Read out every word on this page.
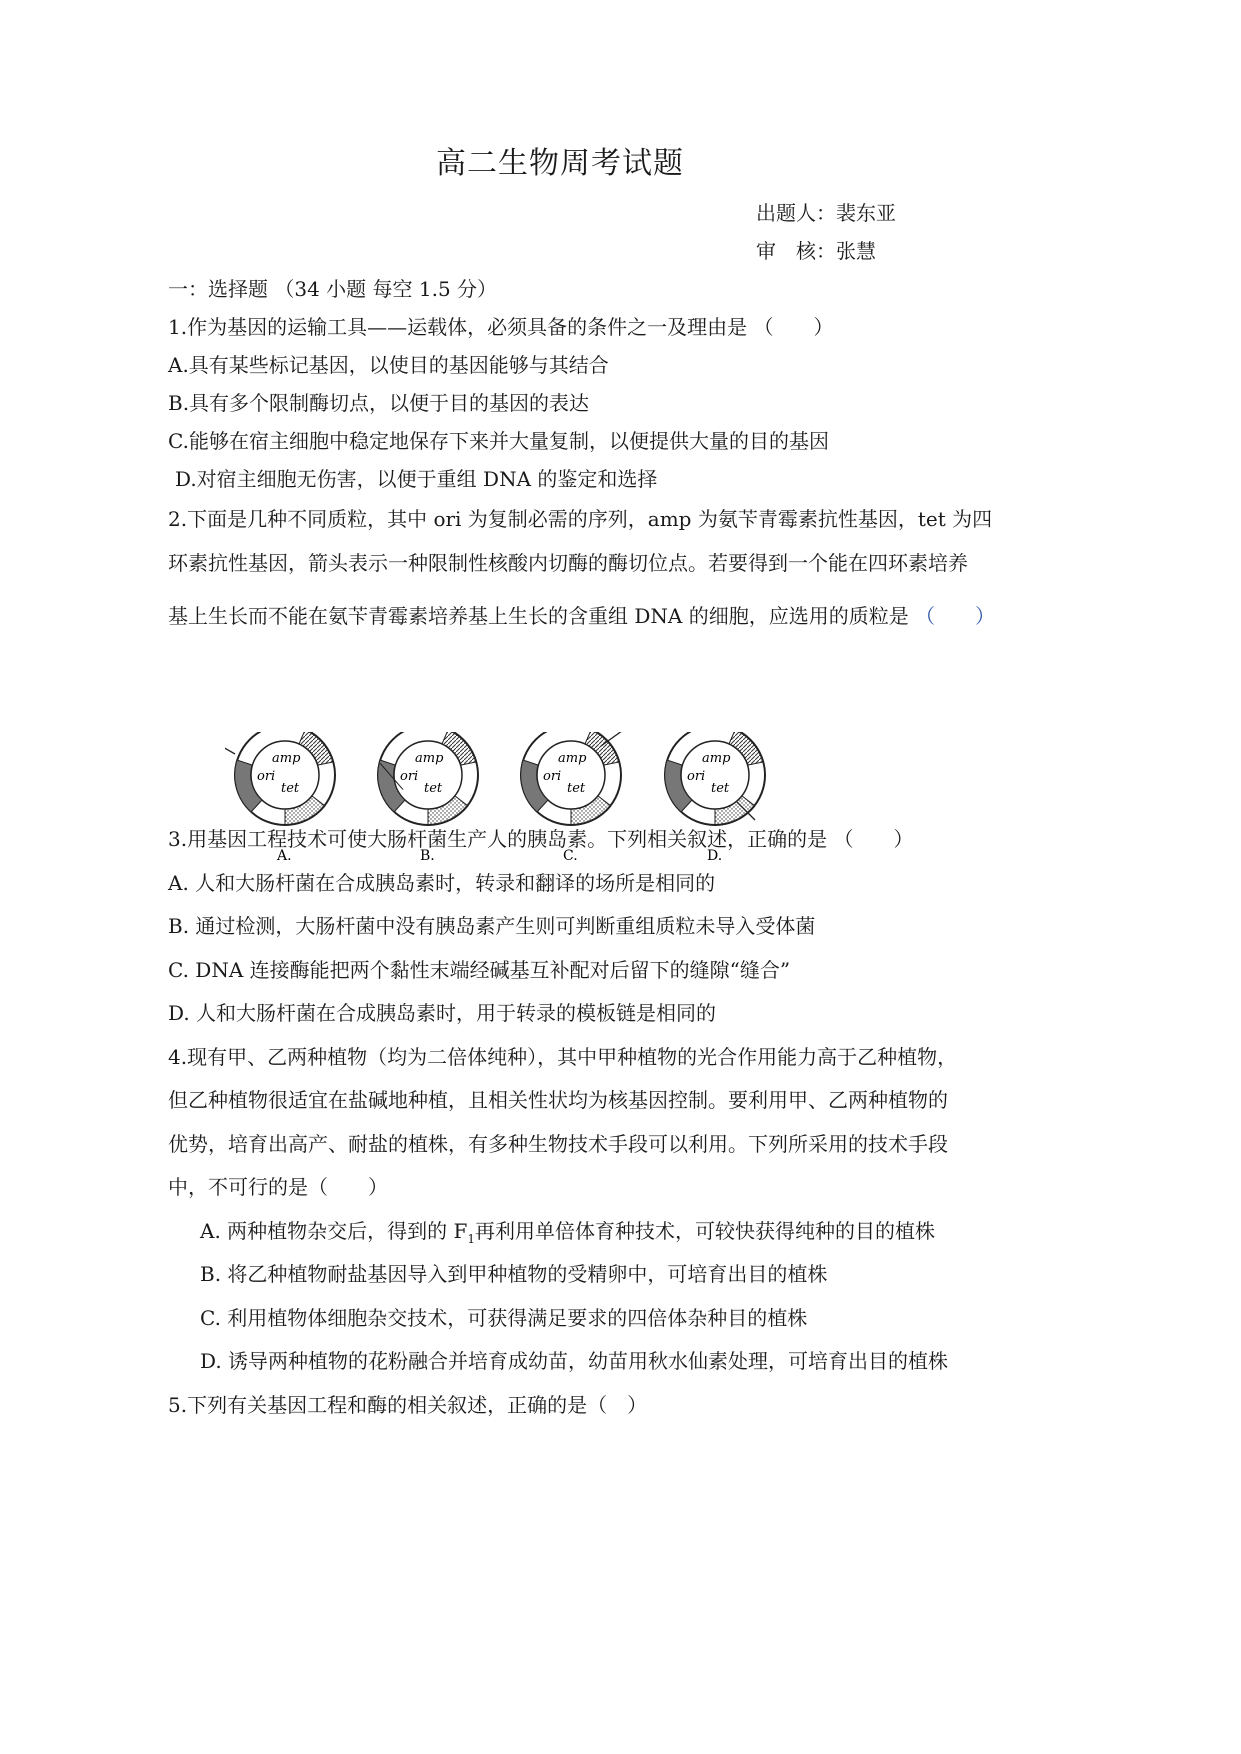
高二生物周考试题
出题人：裴东亚
审　核：张慧
一：选择题 （34 小题 每空 1.5 分）
1.作为基因的运输工具——运载体，必须具备的条件之一及理由是 （　　）
A.具有某些标记基因，以使目的基因能够与其结合
B.具有多个限制酶切点，以便于目的基因的表达
C.能够在宿主细胞中稳定地保存下来并大量复制，以便提供大量的目的基因
D.对宿主细胞无伤害，以便于重组 DNA 的鉴定和选择
2.下面是几种不同质粒，其中 ori 为复制必需的序列，amp 为氨苄青霉素抗性基因，tet 为四
环素抗性基因，箭头表示一种限制性核酸内切酶的酶切位点。若要得到一个能在四环素培养
基上生长而不能在氨苄青霉素培养基上生长的含重组 DNA 的细胞，应选用的质粒是 （　　）
amp
ori
tet
A.
amp
ori
tet
B.
amp
ori
tet
C.
amp
ori
tet
D.
3.用基因工程技术可使大肠杆菌生产人的胰岛素。下列相关叙述，正确的是 （　　）
A. 人和大肠杆菌在合成胰岛素时，转录和翻译的场所是相同的
B. 通过检测，大肠杆菌中没有胰岛素产生则可判断重组质粒未导入受体菌
C. DNA 连接酶能把两个黏性末端经碱基互补配对后留下的缝隙“缝合”
D. 人和大肠杆菌在合成胰岛素时，用于转录的模板链是相同的
4.现有甲、乙两种植物（均为二倍体纯种），其中甲种植物的光合作用能力高于乙种植物，
但乙种植物很适宜在盐碱地种植，且相关性状均为核基因控制。要利用甲、乙两种植物的
优势，培育出高产、耐盐的植株，有多种生物技术手段可以利用。下列所采用的技术手段
中，不可行的是（　　）
A. 两种植物杂交后，得到的 $F_1$再利用单倍体育种技术，可较快获得纯种的目的植株
B. 将乙种植物耐盐基因导入到甲种植物的受精卵中，可培育出目的植株
C. 利用植物体细胞杂交技术，可获得满足要求的四倍体杂种目的植株
D. 诱导两种植物的花粉融合并培育成幼苗，幼苗用秋水仙素处理，可培育出目的植株
5.下列有关基因工程和酶的相关叙述，正确的是（　）
